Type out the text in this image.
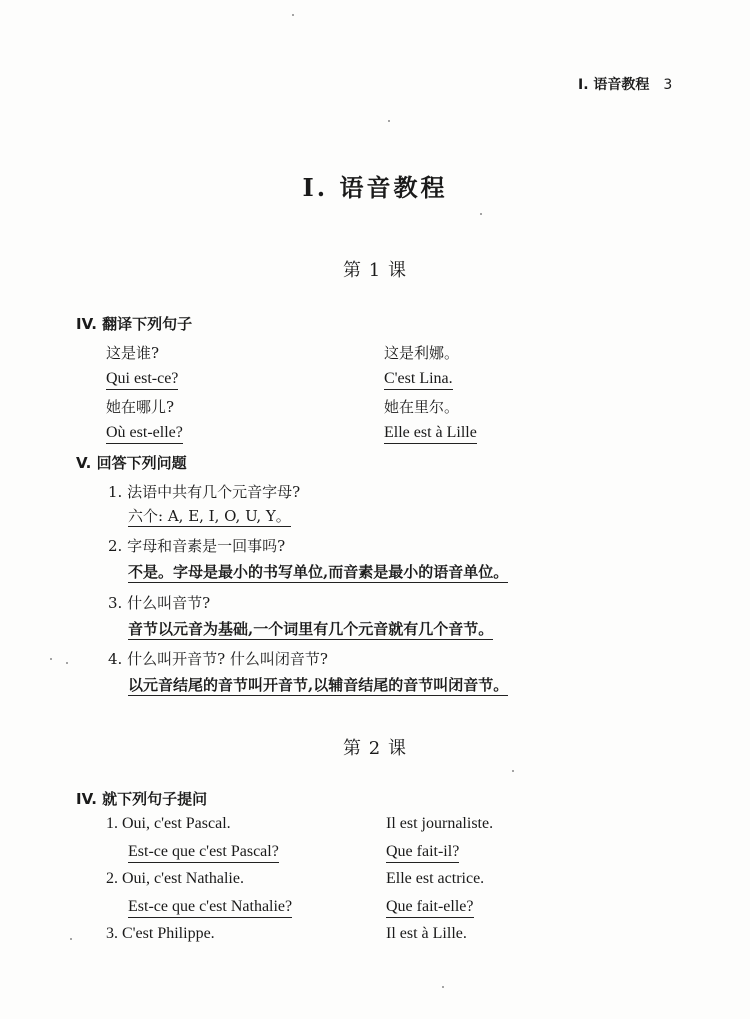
I. 语音教程 3
I. 语音教程
第 1 课
IV. 翻译下列句子
这是谁?
Qui est-ce?
她在哪儿?
Où est-elle?
这是利娜。
C'est Lina.
她在里尔。
Elle est à Lille
V. 回答下列问题
1. 法语中共有几个元音字母?
六个: A, E, I, O, U, Y。
2. 字母和音素是一回事吗?
不是。字母是最小的书写单位,而音素是最小的语音单位。
3. 什么叫音节?
音节以元音为基础,一个词里有几个元音就有几个音节。
4. 什么叫开音节? 什么叫闭音节?
以元音结尾的音节叫开音节,以辅音结尾的音节叫闭音节。
第 2 课
IV. 就下列句子提问
1. Oui, c'est Pascal.
Est-ce que c'est Pascal?
2. Oui, c'est Nathalie.
Est-ce que c'est Nathalie?
3. C'est Philippe.
Il est journaliste.
Que fait-il?
Elle est actrice.
Que fait-elle?
Il est à Lille.
